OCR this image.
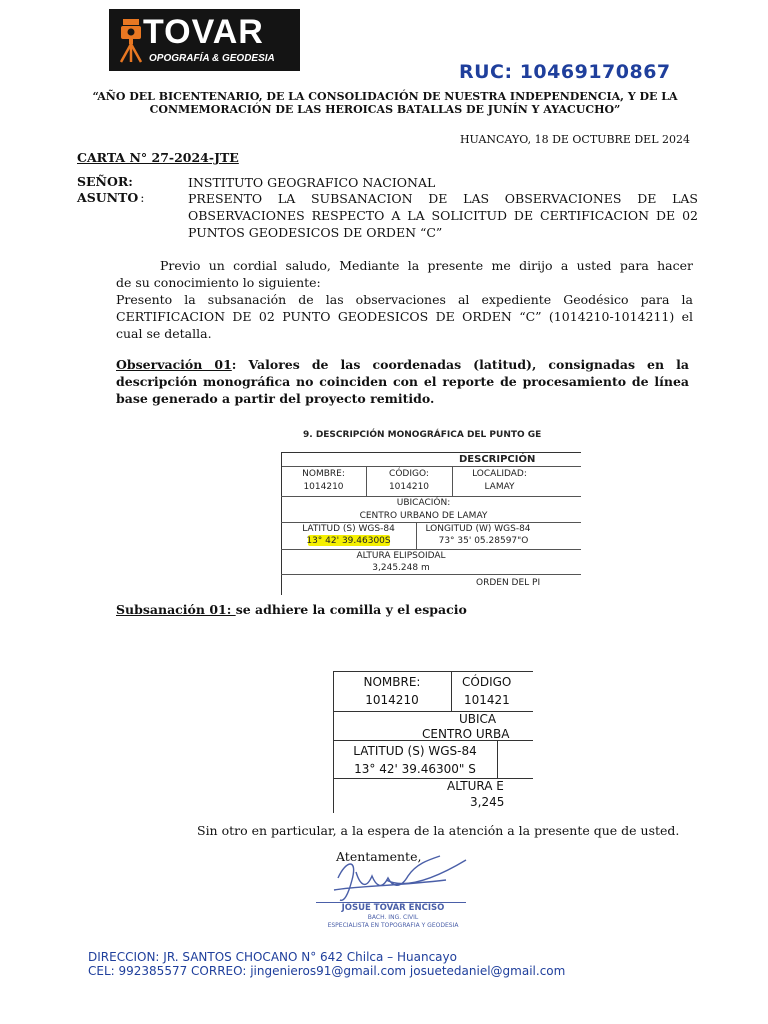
TOVAR
OPOGRAFÍA & GEODESIA
RUC: 10469170867
“AÑO DEL BICENTENARIO, DE LA CONSOLIDACIÓN DE NUESTRA INDEPENDENCIA, Y DE LA
CONMEMORACIÓN DE LAS HEROICAS BATALLAS DE JUNÍN Y AYACUCHO”
HUANCAYO, 18 DE OCTUBRE DEL 2024
CARTA N° 27-2024-JTE
SEÑOR:	INSTITUTO GEOGRAFICO NACIONAL
ASUNTO :	PRESENTO LA SUBSANACION DE LAS OBSERVACIONES DE LAS
OBSERVACIONES RESPECTO A LA SOLICITUD DE CERTIFICACION DE 02
PUNTOS GEODESICOS DE ORDEN “C”
Previo un cordial saludo, Mediante la presente me dirijo a usted para hacer
de su conocimiento lo siguiente:
Presento la subsanación de las observaciones al expediente Geodésico para la
CERTIFICACION DE 02 PUNTO GEODESICOS DE ORDEN “C” (1014210-1014211) el
cual se detalla.
Observación 01: Valores de las coordenadas (latitud), consignadas en la descripción monográfica no coinciden con el reporte de procesamiento de línea base generado a partir del proyecto remitido.
9. DESCRIPCIÓN MONOGRÁFICA DEL PUNTO GE
DESCRIPCIÓN
NOMBRE:
1014210
CÓDIGO:
1014210
LOCALIDAD:
LAMAY
UBICACIÓN:
CENTRO URBANO DE LAMAY
LATITUD (S) WGS-84
13° 42' 39.46300S
LONGITUD (W) WGS-84
73° 35' 05.28597"O
ALTURA ELIPSOIDAL
3,245.248 m
ORDEN DEL PI
Subsanación 01: se adhiere la comilla y el espacio
NOMBRE:
1014210
CÓDIGO
101421
UBICA
CENTRO URBA
LATITUD (S) WGS-84
13° 42' 39.46300" S
ALTURA E
3,245
Sin otro en particular, a la espera de la atención a la presente que de usted.
Atentamente,
JOSUE TOVAR ENCISO
BACH. ING. CIVIL
ESPECIALISTA EN TOPOGRAFIA Y GEODESIA
DIRECCION: JR. SANTOS CHOCANO N° 642 Chilca – Huancayo
CEL: 992385577 CORREO: jingenieros91@gmail.com josuetedaniel@gmail.com
